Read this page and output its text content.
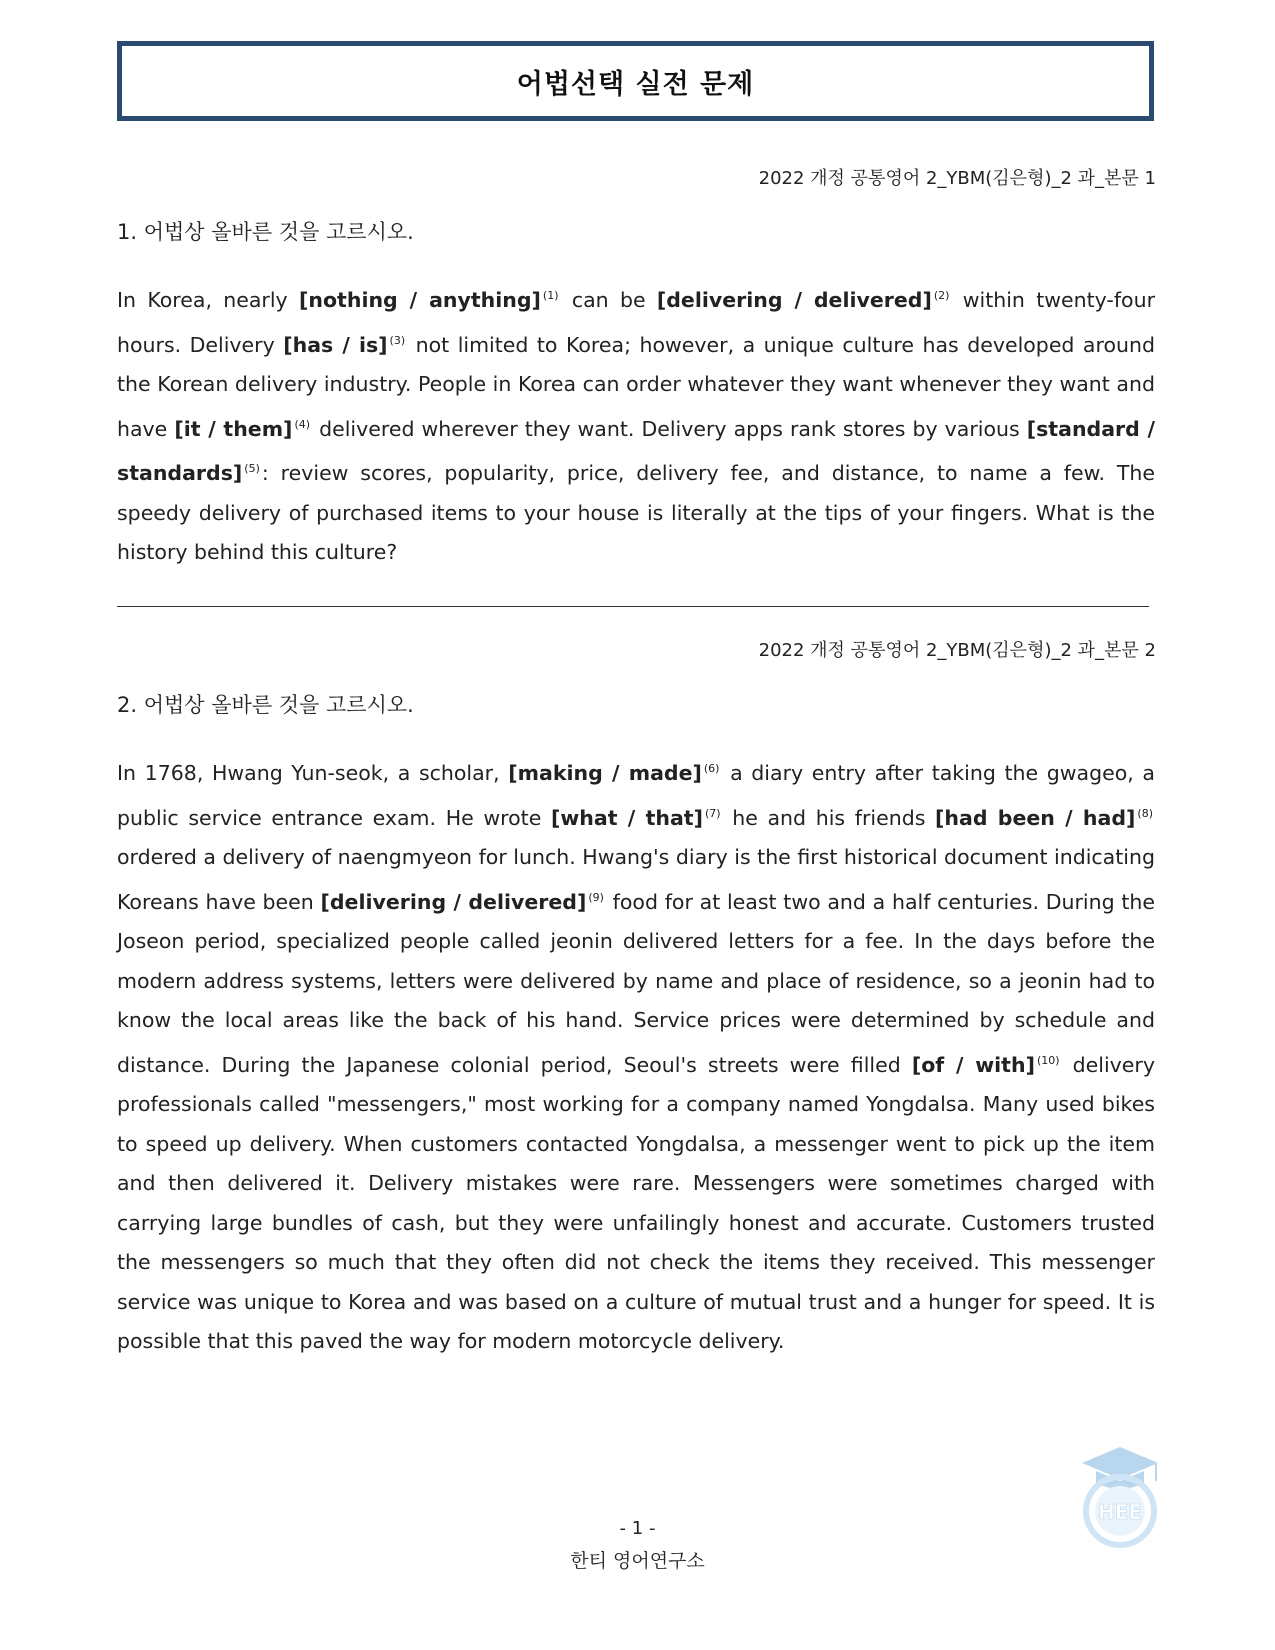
어법선택 실전 문제
2022 개정 공통영어 2_YBM(김은형)_2 과_본문 1
1. 어법상 올바른 것을 고르시오.
In Korea, nearly [nothing / anything] $^{(1)}$ can be [delivering / delivered] $^{(2)}$ within twenty-four hours. Delivery [has / is] $^{(3)}$ not limited to Korea; however, a unique culture has developed around the Korean delivery industry. People in Korea can order whatever they want whenever they want and have [it / them] $^{(4)}$ delivered wherever they want. Delivery apps rank stores by various [standard / standards] $^{(5)}$: review scores, popularity, price, delivery fee, and distance, to name a few. The speedy delivery of purchased items to your house is literally at the tips of your fingers. What is the history behind this culture?
2022 개정 공통영어 2_YBM(김은형)_2 과_본문 2
2. 어법상 올바른 것을 고르시오.
In 1768, Hwang Yun-seok, a scholar, [making / made] $^{(6)}$ a diary entry after taking the gwageo, a public service entrance exam. He wrote [what / that] $^{(7)}$ he and his friends [had been / had] $^{(8)}$ ordered a delivery of naengmyeon for lunch. Hwang's diary is the first historical document indicating Koreans have been [delivering / delivered] $^{(9)}$ food for at least two and a half centuries. During the Joseon period, specialized people called jeonin delivered letters for a fee. In the days before the modern address systems, letters were delivered by name and place of residence, so a jeonin had to know the local areas like the back of his hand. Service prices were determined by schedule and distance. During the Japanese colonial period, Seoul's streets were filled [of / with] $^{(10)}$ delivery professionals called "messengers," most working for a company named Yongdalsa. Many used bikes to speed up delivery. When customers contacted Yongdalsa, a messenger went to pick up the item and then delivered it. Delivery mistakes were rare. Messengers were sometimes charged with carrying large bundles of cash, but they were unfailingly honest and accurate. Customers trusted the messengers so much that they often did not check the items they received. This messenger service was unique to Korea and was based on a culture of mutual trust and a hunger for speed. It is possible that this paved the way for modern motorcycle delivery.
HEE
- 1 -
한티 영어연구소
